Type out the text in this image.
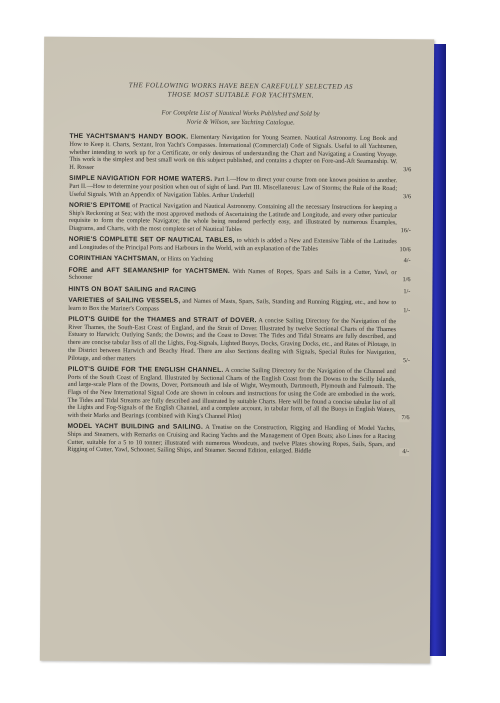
THE FOLLOWING WORKS HAVE BEEN CAREFULLY SELECTED AS
THOSE MOST SUITABLE FOR YACHTSMEN.
For Complete List of Nautical Works Published and Sold by
Norie & Wilson, see Yachting Catalogue.
THE YACHTSMAN'S HANDY BOOK. Elementary Navigation for Young Seamen. Nautical Astronomy. Log Book and How to Keep it. Charts, Sextant, Iron Yacht's Compasses. International (Commercial) Code of Signals. Useful to all Yachtsmen, whether intending to work up for a Certificate, or only desirous of understanding the Chart and Navigating a Coasting Voyage. This work is the simplest and best small work on this subject published, and contains a chapter on Fore-and-Aft Seamanship. W. H. Rosser	3/6
SIMPLE NAVIGATION FOR HOME WATERS. Part I.—How to direct your course from one known position to another. Part II.—How to determine your position when out of sight of land. Part III. Miscellaneous: Law of Storms; the Rule of the Road; Useful Signals. With an Appendix of Navigation Tables. Arthur Underhill	3/6
NORIE'S EPITOME of Practical Navigation and Nautical Astronomy. Containing all the necessary Instructions for keeping a Ship's Reckoning at Sea; with the most approved methods of Ascertaining the Latitude and Longitude, and every other particular requisite to form the complete Navigator; the whole being rendered perfectly easy, and illustrated by numerous Examples, Diagrams, and Charts, with the most complete set of Nautical Tables	16/-
NORIE'S COMPLETE SET OF NAUTICAL TABLES, to which is added a New and Extensive Table of the Latitudes and Longitudes of the Principal Ports and Harbours in the World, with an explanation of the Tables	10/6
CORINTHIAN YACHTSMAN, or Hints on Yachting	4/-
FORE and AFT SEAMANSHIP for YACHTSMEN. With Names of Ropes, Spars and Sails in a Cutter, Yawl, or Schooner	1/6
HINTS ON BOAT SAILING and RACING	1/-
VARIETIES of SAILING VESSELS, and Names of Masts, Spars, Sails, Standing and Running Rigging, etc., and how to learn to Box the Mariner's Compass	1/-
PILOT'S GUIDE for the THAMES and STRAIT of DOVER. A concise Sailing Directory for the Navigation of the River Thames, the South-East Coast of England, and the Strait of Dover. Illustrated by twelve Sectional Charts of the Thames Estuary to Harwich; Outlying Sands; the Downs; and the Coast to Dover. The Tides and Tidal Streams are fully described, and there are concise tabular lists of all the Lights, Fog-Signals, Lighted Buoys, Docks, Graving Docks, etc., and Rates of Pilotage, in the District between Harwich and Beachy Head. There are also Sections dealing with Signals, Special Rules for Navigation, Pilotage, and other matters	5/-
PILOT'S GUIDE FOR THE ENGLISH CHANNEL. A concise Sailing Directory for the Navigation of the Channel and Ports of the South Coast of England. Illustrated by Sectional Charts of the English Coast from the Downs to the Scilly Islands, and large-scale Plans of the Downs, Dover, Portsmouth and Isle of Wight, Weymouth, Dartmouth, Plymouth and Falmouth. The Flags of the New International Signal Code are shown in colours and instructions for using the Code are embodied in the work. The Tides and Tidal Streams are fully described and illustrated by suitable Charts. Here will be found a concise tabular list of all the Lights and Fog-Signals of the English Channel, and a complete account, in tabular form, of all the Buoys in English Waters, with their Marks and Bearings (combined with King's Channel Pilot)	7/6
MODEL YACHT BUILDING and SAILING. A Treatise on the Construction, Rigging and Handling of Model Yachts, Ships and Steamers, with Remarks on Cruising and Racing Yachts and the Management of Open Boats; also Lines for a Racing Cutter, suitable for a 5 to 10 tonner; illustrated with numerous Woodcuts, and twelve Plates showing Ropes, Sails, Spars, and Rigging of Cutter, Yawl, Schooner, Sailing Ships, and Steamer. Second Edition, enlarged. Biddle	4/-
